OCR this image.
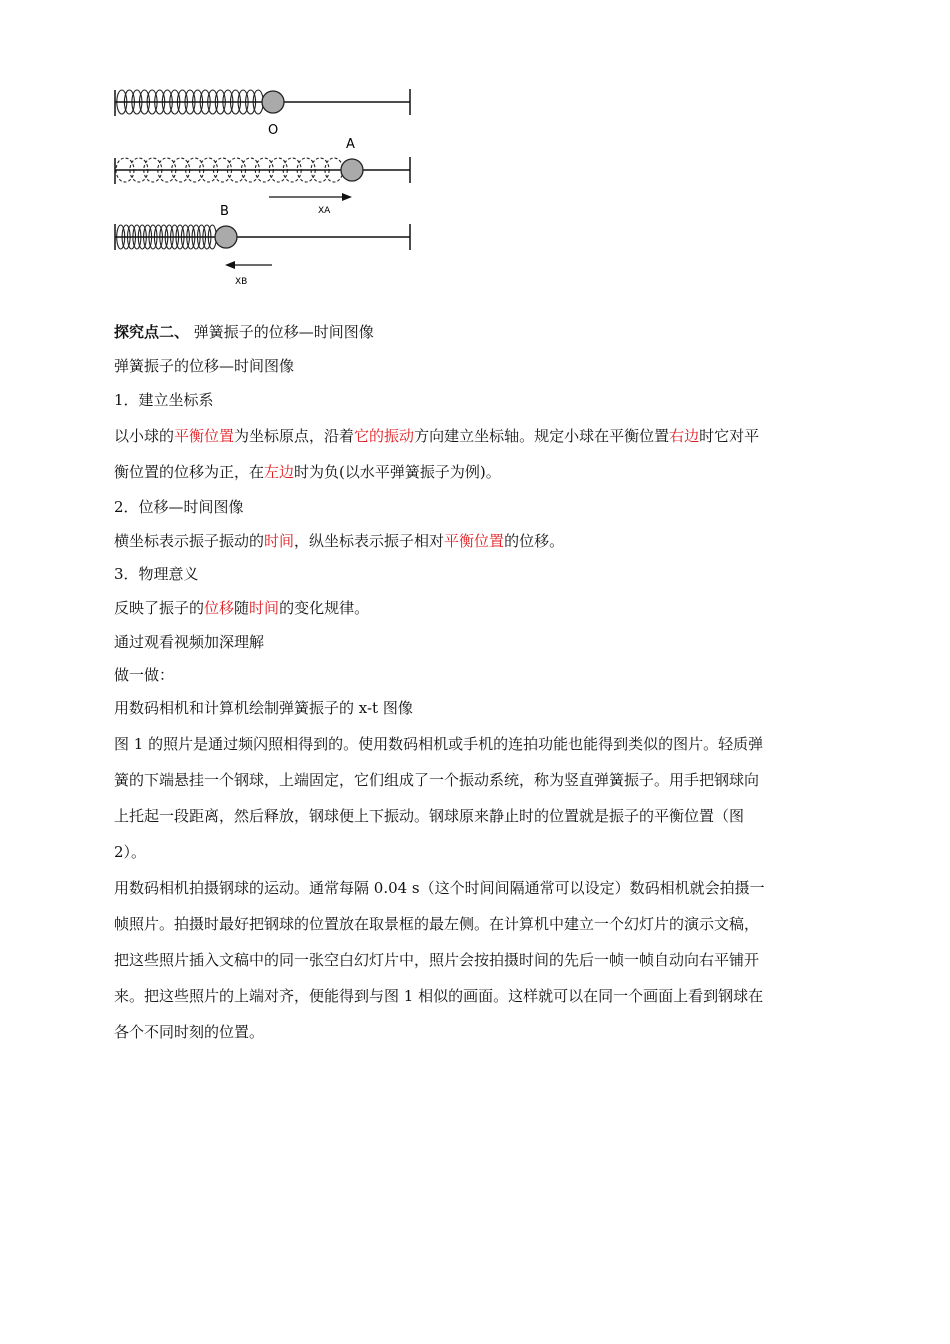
O
A
XA
B
XB
探究点二、 弹簧振子的位移—时间图像
弹簧振子的位移—时间图像
1．建立坐标系
以小球的平衡位置为坐标原点，沿着它的振动方向建立坐标轴。规定小球在平衡位置右边时它对平
衡位置的位移为正，在左边时为负(以水平弹簧振子为例)。
2．位移—时间图像
横坐标表示振子振动的时间，纵坐标表示振子相对平衡位置的位移。
3．物理意义
反映了振子的位移随时间的变化规律。
通过观看视频加深理解
做一做：
用数码相机和计算机绘制弹簧振子的 x-t 图像
图 1 的照片是通过频闪照相得到的。使用数码相机或手机的连拍功能也能得到类似的图片。轻质弹
簧的下端悬挂一个钢球，上端固定，它们组成了一个振动系统，称为竖直弹簧振子。用手把钢球向
上托起一段距离，然后释放，钢球便上下振动。钢球原来静止时的位置就是振子的平衡位置（图
2）。
用数码相机拍摄钢球的运动。通常每隔 0.04 s（这个时间间隔通常可以设定）数码相机就会拍摄一
帧照片。拍摄时最好把钢球的位置放在取景框的最左侧。在计算机中建立一个幻灯片的演示文稿，
把这些照片插入文稿中的同一张空白幻灯片中，照片会按拍摄时间的先后一帧一帧自动向右平铺开
来。把这些照片的上端对齐，便能得到与图 1 相似的画面。这样就可以在同一个画面上看到钢球在
各个不同时刻的位置。
